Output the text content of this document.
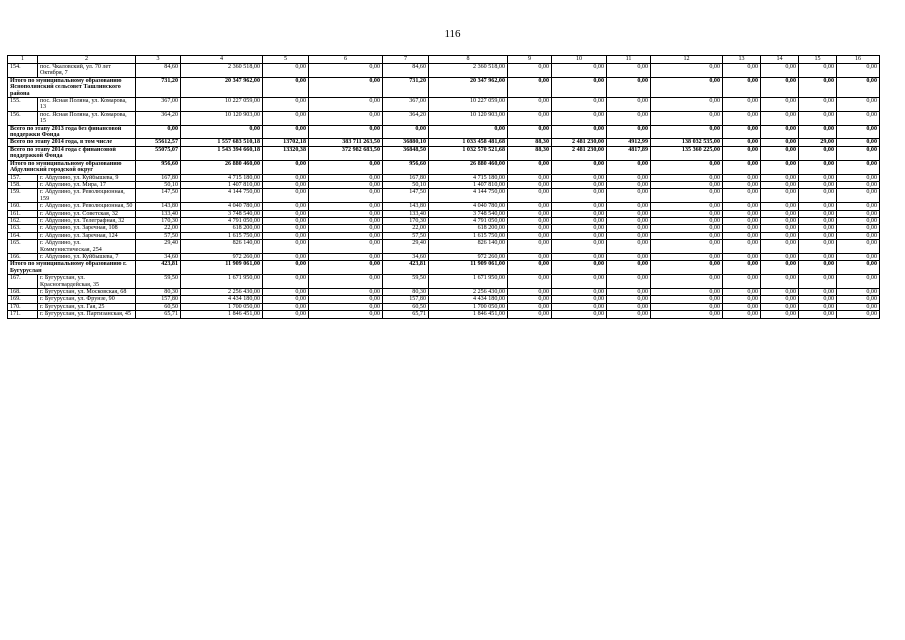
116
1	2	3	4	5	6	7	8	9	10	11	12	13	14	15	16
154.	пос. Чкаловский, ул. 70 лет Октября, 7	84,60	2 360 518,00	0,00	0,00	84,60	2 360 518,00	0,00	0,00	0,00	0,00	0,00	0,00	0,00	0,00
Итого по муниципальному образованию Яснополянский сельсовет Ташлинского района		731,20	20 347 962,00	0,00	0,00	731,20	20 347 962,00	0,00	0,00	0,00	0,00	0,00	0,00	0,00	0,00
155.	пос. Ясная Поляна, ул. Комарова, 13	367,00	10 227 059,00	0,00	0,00	367,00	10 227 059,00	0,00	0,00	0,00	0,00	0,00	0,00	0,00	0,00
156.	пос. Ясная Поляна, ул. Комарова, 15	364,20	10 120 903,00	0,00	0,00	364,20	10 120 903,00	0,00	0,00	0,00	0,00	0,00	0,00	0,00	0,00
Всего по этапу 2013 года без финансовой поддержки Фонда		0,00	0,00	0,00	0,00	0,00	0,00	0,00	0,00	0,00	0,00	0,00	0,00	0,00	0,00
Всего по этапу 2014 года, в том числе		55612,57	1 557 683 510,18	13702,18	383 711 263,50	36880,10	1 033 458 481,68	88,30	2 481 230,00	4912,99	138 032 535,00	0,00	0,00	29,00	0,00
Всего по этапу 2014 года с финансовой поддержкой Фонда		55075,07	1 543 394 660,18	13320,38	372 982 683,50	36848,50	1 032 570 521,68	88,30	2 481 230,00	4817,89	135 360 225,00	0,00	0,00	0,00	0,00
Итого по муниципальному образованию Абдулинский городской округ		956,60	26 880 460,00	0,00	0,00	956,60	26 880 460,00	0,00	0,00	0,00	0,00	0,00	0,00	0,00	0,00
157.	г. Абдулино, ул. Куйбышева, 9	167,80	4 715 180,00	0,00	0,00	167,80	4 715 180,00	0,00	0,00	0,00	0,00	0,00	0,00	0,00	0,00
158.	г. Абдулино, ул. Мира, 17	50,10	1 407 810,00	0,00	0,00	50,10	1 407 810,00	0,00	0,00	0,00	0,00	0,00	0,00	0,00	0,00
159.	г. Абдулино, ул. Революционная, 159	147,50	4 144 750,00	0,00	0,00	147,50	4 144 750,00	0,00	0,00	0,00	0,00	0,00	0,00	0,00	0,00
160.	г. Абдулино, ул. Революционная, 50	143,80	4 040 780,00	0,00	0,00	143,80	4 040 780,00	0,00	0,00	0,00	0,00	0,00	0,00	0,00	0,00
161.	г. Абдулино, ул. Советская, 32	133,40	3 748 540,00	0,00	0,00	133,40	3 748 540,00	0,00	0,00	0,00	0,00	0,00	0,00	0,00	0,00
162.	г. Абдулино, ул. Телеграфная, 32	170,30	4 791 050,00	0,00	0,00	170,30	4 791 050,00	0,00	0,00	0,00	0,00	0,00	0,00	0,00	0,00
163.	г. Абдулино, ул. Заречная, 108	22,00	618 200,00	0,00	0,00	22,00	618 200,00	0,00	0,00	0,00	0,00	0,00	0,00	0,00	0,00
164.	г. Абдулино, ул. Заречная, 124	57,50	1 615 750,00	0,00	0,00	57,50	1 615 750,00	0,00	0,00	0,00	0,00	0,00	0,00	0,00	0,00
165.	г. Абдулино, ул. Коммунистическая, 254	29,40	826 140,00	0,00	0,00	29,40	826 140,00	0,00	0,00	0,00	0,00	0,00	0,00	0,00	0,00
166.	г. Абдулино, ул. Куйбышева, 7	34,60	972 260,00	0,00	0,00	34,60	972 260,00	0,00	0,00	0,00	0,00	0,00	0,00	0,00	0,00
Итого по муниципальному образованию г. Бугуруслан		423,81	11 909 061,00	0,00	0,00	423,81	11 909 061,00	0,00	0,00	0,00	0,00	0,00	0,00	0,00	0,00
167.	г. Бугуруслан, ул. Красногвардейская, 35	59,50	1 671 950,00	0,00	0,00	59,50	1 671 950,00	0,00	0,00	0,00	0,00	0,00	0,00	0,00	0,00
168.	г. Бугуруслан, ул. Московская, 68	80,30	2 256 430,00	0,00	0,00	80,30	2 256 430,00	0,00	0,00	0,00	0,00	0,00	0,00	0,00	0,00
169.	г. Бугуруслан, ул. Фрунзе, 90	157,80	4 434 180,00	0,00	0,00	157,80	4 434 180,00	0,00	0,00	0,00	0,00	0,00	0,00	0,00	0,00
170.	г. Бугуруслан, ул. Гая, 25	60,50	1 700 050,00	0,00	0,00	60,50	1 700 050,00	0,00	0,00	0,00	0,00	0,00	0,00	0,00	0,00
171.	г. Бугуруслан, ул. Партизанская, 45	65,71	1 846 451,00	0,00	0,00	65,71	1 846 451,00	0,00	0,00	0,00	0,00	0,00	0,00	0,00	0,00
